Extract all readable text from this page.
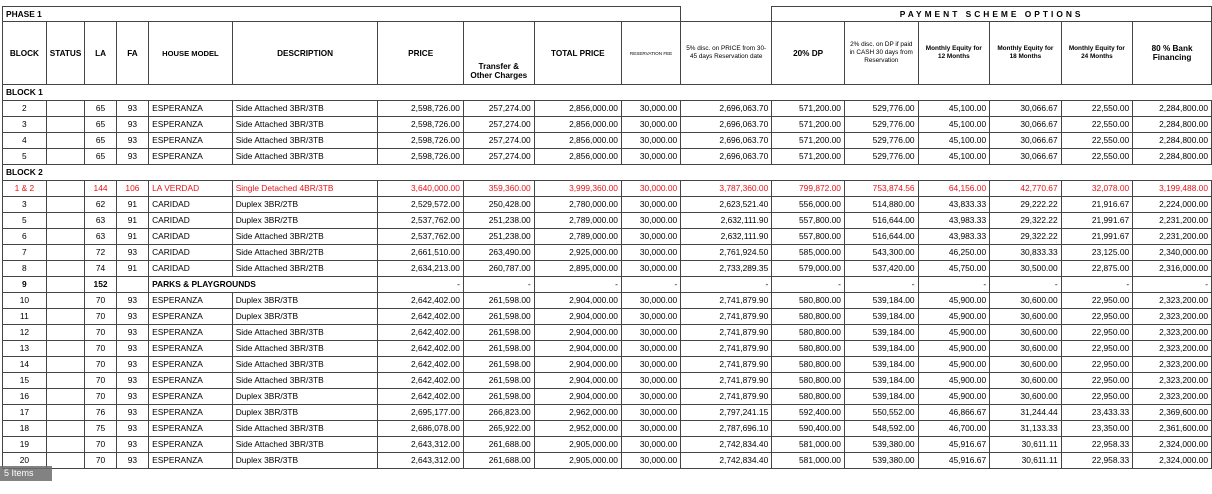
PHASE 1											PAYMENT SCHEME OPTIONS					
BLOCK	STATUS	LA	FA	HOUSE MODEL	DESCRIPTION	PRICE	Transfer & Other Charges	TOTAL PRICE	RESERVATION FEE	5% disc. on PRICE from 30-45 days Reservation date	20% DP	2% disc. on DP if paid in CASH 30 days from Reservation	Monthly Equity for 12 Months	Monthly Equity for 18 Months	Monthly Equity for 24 Months	80 % Bank Financing
BLOCK 1																
2		65	93	ESPERANZA	Side Attached 3BR/3TB	2,598,726.00	257,274.00	2,856,000.00	30,000.00	2,696,063.70	571,200.00	529,776.00	45,100.00	30,066.67	22,550.00	2,284,800.00
3		65	93	ESPERANZA	Side Attached 3BR/3TB	2,598,726.00	257,274.00	2,856,000.00	30,000.00	2,696,063.70	571,200.00	529,776.00	45,100.00	30,066.67	22,550.00	2,284,800.00
4		65	93	ESPERANZA	Side Attached 3BR/3TB	2,598,726.00	257,274.00	2,856,000.00	30,000.00	2,696,063.70	571,200.00	529,776.00	45,100.00	30,066.67	22,550.00	2,284,800.00
5		65	93	ESPERANZA	Side Attached 3BR/3TB	2,598,726.00	257,274.00	2,856,000.00	30,000.00	2,696,063.70	571,200.00	529,776.00	45,100.00	30,066.67	22,550.00	2,284,800.00
BLOCK 2																
1 & 2		144	106	LA VERDAD	Single Detached 4BR/3TB	3,640,000.00	359,360.00	3,999,360.00	30,000.00	3,787,360.00	799,872.00	753,874.56	64,156.00	42,770.67	32,078.00	3,199,488.00
3		62	91	CARIDAD	Duplex 3BR/2TB	2,529,572.00	250,428.00	2,780,000.00	30,000.00	2,623,521.40	556,000.00	514,880.00	43,833.33	29,222.22	21,916.67	2,224,000.00
5		63	91	CARIDAD	Duplex 3BR/2TB	2,537,762.00	251,238.00	2,789,000.00	30,000.00	2,632,111.90	557,800.00	516,644.00	43,983.33	29,322.22	21,991.67	2,231,200.00
6		63	91	CARIDAD	Side Attached 3BR/2TB	2,537,762.00	251,238.00	2,789,000.00	30,000.00	2,632,111.90	557,800.00	516,644.00	43,983.33	29,322.22	21,991.67	2,231,200.00
7		72	93	CARIDAD	Side Attached 3BR/2TB	2,661,510.00	263,490.00	2,925,000.00	30,000.00	2,761,924.50	585,000.00	543,300.00	46,250.00	30,833.33	23,125.00	2,340,000.00
8		74	91	CARIDAD	Side Attached 3BR/2TB	2,634,213.00	260,787.00	2,895,000.00	30,000.00	2,733,289.35	579,000.00	537,420.00	45,750.00	30,500.00	22,875.00	2,316,000.00
9		152		PARKS & PLAYGROUNDS		-	-	-	-	-	-	-	-	-	-	-
10		70	93	ESPERANZA	Duplex 3BR/3TB	2,642,402.00	261,598.00	2,904,000.00	30,000.00	2,741,879.90	580,800.00	539,184.00	45,900.00	30,600.00	22,950.00	2,323,200.00
11		70	93	ESPERANZA	Duplex 3BR/3TB	2,642,402.00	261,598.00	2,904,000.00	30,000.00	2,741,879.90	580,800.00	539,184.00	45,900.00	30,600.00	22,950.00	2,323,200.00
12		70	93	ESPERANZA	Side Attached 3BR/3TB	2,642,402.00	261,598.00	2,904,000.00	30,000.00	2,741,879.90	580,800.00	539,184.00	45,900.00	30,600.00	22,950.00	2,323,200.00
13		70	93	ESPERANZA	Side Attached 3BR/3TB	2,642,402.00	261,598.00	2,904,000.00	30,000.00	2,741,879.90	580,800.00	539,184.00	45,900.00	30,600.00	22,950.00	2,323,200.00
14		70	93	ESPERANZA	Side Attached 3BR/3TB	2,642,402.00	261,598.00	2,904,000.00	30,000.00	2,741,879.90	580,800.00	539,184.00	45,900.00	30,600.00	22,950.00	2,323,200.00
15		70	93	ESPERANZA	Side Attached 3BR/3TB	2,642,402.00	261,598.00	2,904,000.00	30,000.00	2,741,879.90	580,800.00	539,184.00	45,900.00	30,600.00	22,950.00	2,323,200.00
16		70	93	ESPERANZA	Duplex 3BR/3TB	2,642,402.00	261,598.00	2,904,000.00	30,000.00	2,741,879.90	580,800.00	539,184.00	45,900.00	30,600.00	22,950.00	2,323,200.00
17		76	93	ESPERANZA	Duplex 3BR/3TB	2,695,177.00	266,823.00	2,962,000.00	30,000.00	2,797,241.15	592,400.00	550,552.00	46,866.67	31,244.44	23,433.33	2,369,600.00
18		75	93	ESPERANZA	Side Attached 3BR/3TB	2,686,078.00	265,922.00	2,952,000.00	30,000.00	2,787,696.10	590,400.00	548,592.00	46,700.00	31,133.33	23,350.00	2,361,600.00
19		70	93	ESPERANZA	Side Attached 3BR/3TB	2,643,312.00	261,688.00	2,905,000.00	30,000.00	2,742,834.40	581,000.00	539,380.00	45,916.67	30,611.11	22,958.33	2,324,000.00
20		70	93	ESPERANZA	Duplex 3BR/3TB	2,643,312.00	261,688.00	2,905,000.00	30,000.00	2,742,834.40	581,000.00	539,380.00	45,916.67	30,611.11	22,958.33	2,324,000.00
5 Items
